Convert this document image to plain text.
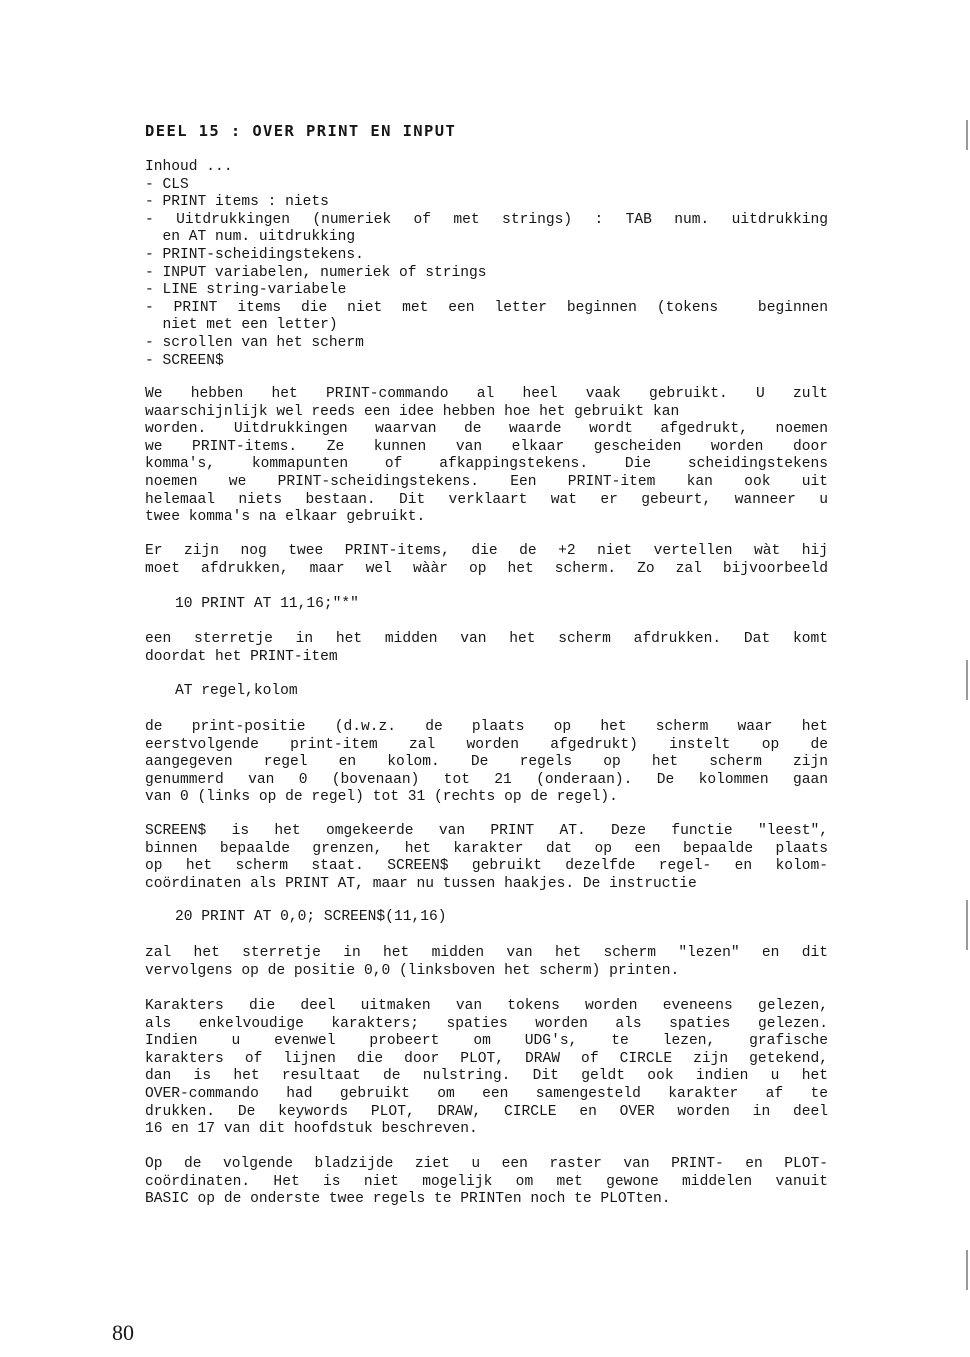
DEEL 15 : OVER PRINT EN INPUT
Inhoud ...
- CLS
- PRINT items : niets
- Uitdrukkingen (numeriek of met strings) : TAB num. uitdrukking
en AT num. uitdrukking
- PRINT-scheidingstekens.
- INPUT variabelen, numeriek of strings
- LINE string-variabele
- PRINT items die niet met een letter beginnen (tokens  beginnen
niet met een letter)
- scrollen van het scherm
- SCREEN$
We hebben het PRINT-commando al heel vaak gebruikt. U zult
waarschijnlijk wel reeds een idee hebben hoe het gebruikt kan
worden. Uitdrukkingen waarvan de waarde wordt afgedrukt, noemen
we PRINT-items. Ze kunnen van elkaar gescheiden worden door
komma's, kommapunten of afkappingstekens. Die scheidingstekens
noemen we PRINT-scheidingstekens. Een PRINT-item kan ook uit
helemaal niets bestaan. Dit verklaart wat er gebeurt, wanneer u
twee komma's na elkaar gebruikt.
Er zijn nog twee PRINT-items, die de +2 niet vertellen wàt hij
moet afdrukken, maar wel wààr op het scherm. Zo zal bijvoorbeeld
10 PRINT AT 11,16;"*"
een sterretje in het midden van het scherm afdrukken. Dat komt
doordat het PRINT-item
AT regel,kolom
de print-positie (d.w.z. de plaats op het scherm waar het
eerstvolgende print-item zal worden afgedrukt) instelt op de
aangegeven regel en kolom. De regels op het scherm zijn
genummerd van 0 (bovenaan) tot 21 (onderaan). De kolommen gaan
van 0 (links op de regel) tot 31 (rechts op de regel).
SCREEN$ is het omgekeerde van PRINT AT. Deze functie "leest",
binnen bepaalde grenzen, het karakter dat op een bepaalde plaats
op het scherm staat. SCREEN$ gebruikt dezelfde regel- en kolom-
coördinaten als PRINT AT, maar nu tussen haakjes. De instructie
20 PRINT AT 0,0; SCREEN$(11,16)
zal het sterretje in het midden van het scherm "lezen" en dit
vervolgens op de positie 0,0 (linksboven het scherm) printen.
Karakters die deel uitmaken van tokens worden eveneens gelezen,
als enkelvoudige karakters; spaties worden als spaties gelezen.
Indien u evenwel probeert om UDG's, te lezen, grafische
karakters of lijnen die door PLOT, DRAW of CIRCLE zijn getekend,
dan is het resultaat de nulstring. Dit geldt ook indien u het
OVER-commando had gebruikt om een samengesteld karakter af te
drukken. De keywords PLOT, DRAW, CIRCLE en OVER worden in deel
16 en 17 van dit hoofdstuk beschreven.
Op de volgende bladzijde ziet u een raster van PRINT- en PLOT-
coördinaten. Het is niet mogelijk om met gewone middelen vanuit
BASIC op de onderste twee regels te PRINTen noch te PLOTten.
80
